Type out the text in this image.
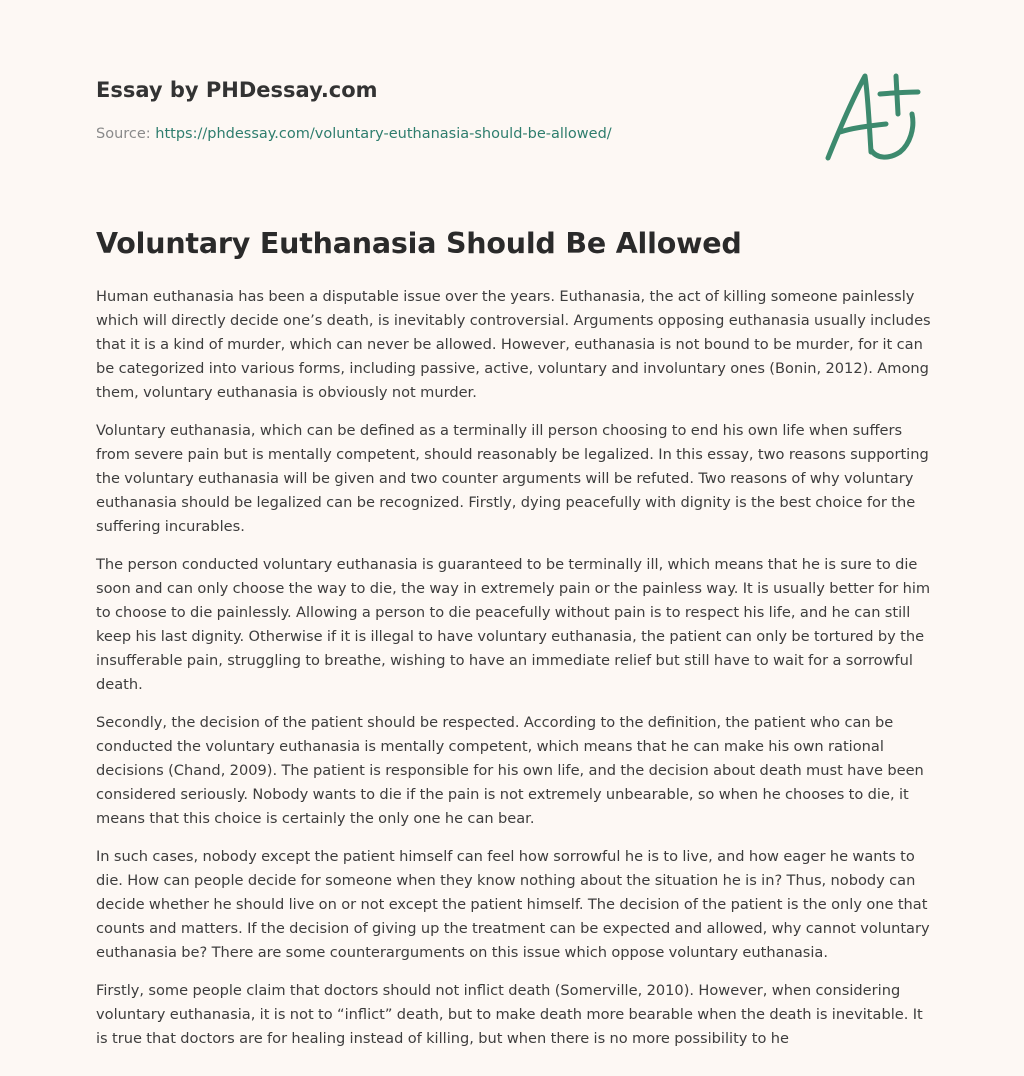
Essay by PHDessay.com
Source: https://phdessay.com/voluntary-euthanasia-should-be-allowed/
Voluntary Euthanasia Should Be Allowed

Human euthanasia has been a disputable issue over the years. Euthanasia, the act of killing someone painlessly which will directly decide one’s death, is inevitably controversial. Arguments opposing euthanasia usually includes that it is a kind of murder, which can never be allowed. However, euthanasia is not bound to be murder, for it can be categorized into various forms, including passive, active, voluntary and involuntary ones (Bonin, 2012). Among them, voluntary euthanasia is obviously not murder.

Voluntary euthanasia, which can be defined as a terminally ill person choosing to end his own life when suffers from severe pain but is mentally competent, should reasonably be legalized. In this essay, two reasons supporting the voluntary euthanasia will be given and two counter arguments will be refuted. Two reasons of why voluntary euthanasia should be legalized can be recognized. Firstly, dying peacefully with dignity is the best choice for the suffering incurables.

The person conducted voluntary euthanasia is guaranteed to be terminally ill, which means that he is sure to die soon and can only choose the way to die, the way in extremely pain or the painless way. It is usually better for him to choose to die painlessly. Allowing a person to die peacefully without pain is to respect his life, and he can still keep his last dignity. Otherwise if it is illegal to have voluntary euthanasia, the patient can only be tortured by the insufferable pain, struggling to breathe, wishing to have an immediate relief but still have to wait for a sorrowful death.

Secondly, the decision of the patient should be respected. According to the definition, the patient who can be conducted the voluntary euthanasia is mentally competent, which means that he can make his own rational decisions (Chand, 2009). The patient is responsible for his own life, and the decision about death must have been considered seriously. Nobody wants to die if the pain is not extremely unbearable, so when he chooses to die, it means that this choice is certainly the only one he can bear.

In such cases, nobody except the patient himself can feel how sorrowful he is to live, and how eager he wants to die. How can people decide for someone when they know nothing about the situation he is in? Thus, nobody can decide whether he should live on or not except the patient himself. The decision of the patient is the only one that counts and matters. If the decision of giving up the treatment can be expected and allowed, why cannot voluntary euthanasia be? There are some counterarguments on this issue which oppose voluntary euthanasia.

Firstly, some people claim that doctors should not inflict death (Somerville, 2010). However, when considering voluntary euthanasia, it is not to “inflict” death, but to make death more bearable when the death is inevitable. It is true that doctors are for healing instead of killing, but when there is no more possibility to he
